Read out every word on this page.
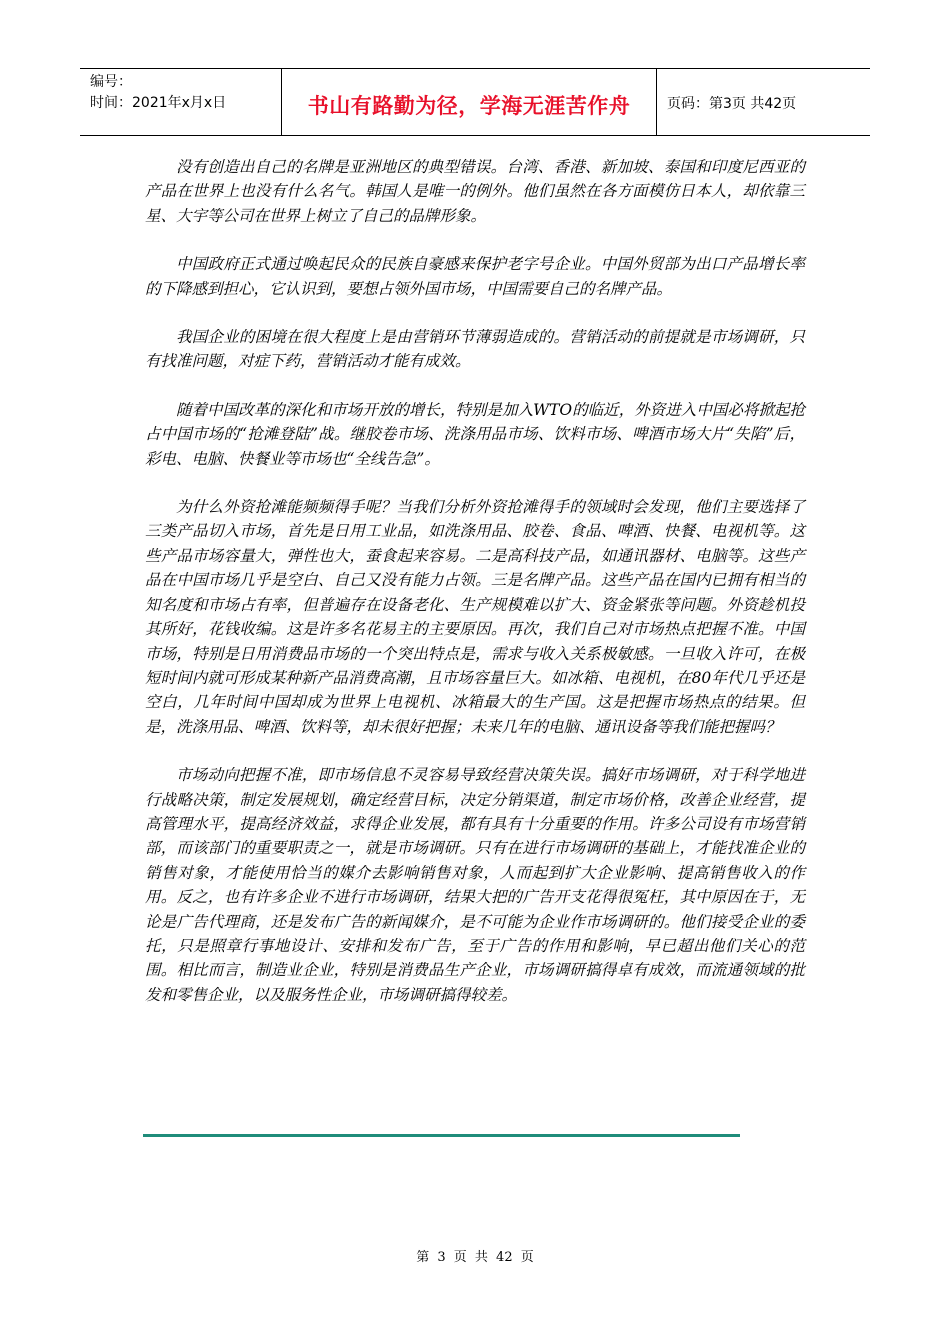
编号：
时间：2021年x月x日	书山有路勤为径，学海无涯苦作舟	页码：第3页 共42页

没有创造出自己的名牌是亚洲地区的典型错误。台湾、香港、新加坡、泰国和印度尼西亚的产品在世界上也没有什么名气。韩国人是唯一的例外。他们虽然在各方面模仿日本人，却依靠三星、大宇等公司在世界上树立了自己的品牌形象。

中国政府正式通过唤起民众的民族自豪感来保护老字号企业。中国外贸部为出口产品增长率的下降感到担心，它认识到，要想占领外国市场，中国需要自己的名牌产品。

我国企业的困境在很大程度上是由营销环节薄弱造成的。营销活动的前提就是市场调研，只有找准问题，对症下药，营销活动才能有成效。

随着中国改革的深化和市场开放的增长，特别是加入WTO的临近，外资进入中国必将掀起抢占中国市场的“抢滩登陆”战。继胶卷市场、洗涤用品市场、饮料市场、啤酒市场大片“失陷”后，彩电、电脑、快餐业等市场也“全线告急”。

为什么外资抢滩能频频得手呢？当我们分析外资抢滩得手的领域时会发现，他们主要选择了三类产品切入市场，首先是日用工业品，如洗涤用品、胶卷、食品、啤酒、快餐、电视机等。这些产品市场容量大，弹性也大，蚕食起来容易。二是高科技产品，如通讯器材、电脑等。这些产品在中国市场几乎是空白、自己又没有能力占领。三是名牌产品。这些产品在国内已拥有相当的知名度和市场占有率，但普遍存在设备老化、生产规模难以扩大、资金紧张等问题。外资趁机投其所好，花钱收编。这是许多名花易主的主要原因。再次，我们自己对市场热点把握不准。中国市场，特别是日用消费品市场的一个突出特点是，需求与收入关系极敏感。一旦收入许可，在极短时间内就可形成某种新产品消费高潮，且市场容量巨大。如冰箱、电视机，在80年代几乎还是空白，几年时间中国却成为世界上电视机、冰箱最大的生产国。这是把握市场热点的结果。但是，洗涤用品、啤酒、饮料等，却未很好把握；未来几年的电脑、通讯设备等我们能把握吗？

市场动向把握不准，即市场信息不灵容易导致经营决策失误。搞好市场调研，对于科学地进行战略决策，制定发展规划，确定经营目标，决定分销渠道，制定市场价格，改善企业经营，提高管理水平，提高经济效益，求得企业发展，都有具有十分重要的作用。许多公司设有市场营销部，而该部门的重要职责之一，就是市场调研。只有在进行市场调研的基础上，才能找准企业的销售对象，才能使用恰当的媒介去影响销售对象，人而起到扩大企业影响、提高销售收入的作用。反之，也有许多企业不进行市场调研，结果大把的广告开支花得很冤枉，其中原因在于，无论是广告代理商，还是发布广告的新闻媒介，是不可能为企业作市场调研的。他们接受企业的委托，只是照章行事地设计、安排和发布广告，至于广告的作用和影响，早已超出他们关心的范围。相比而言，制造业企业，特别是消费品生产企业，市场调研搞得卓有成效，而流通领域的批发和零售企业，以及服务性企业，市场调研搞得较差。

第 3 页 共 42 页
